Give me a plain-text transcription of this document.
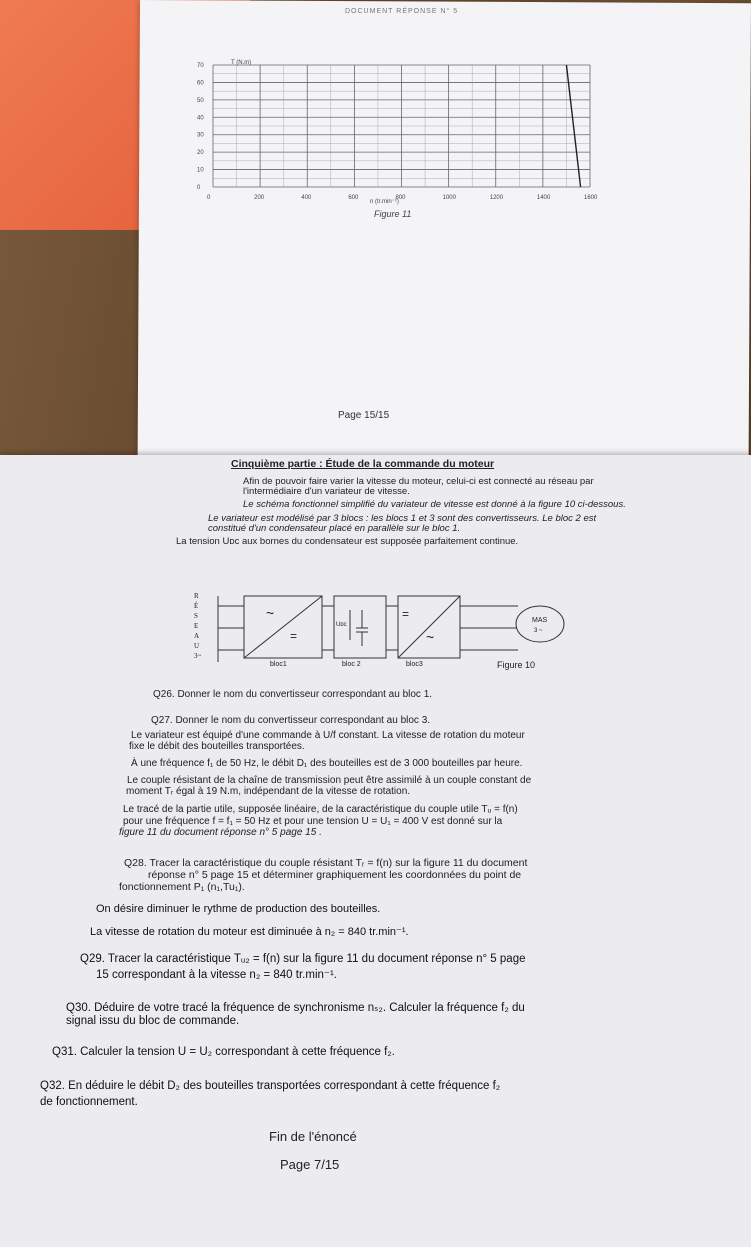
DOCUMENT RÉPONSE N° 5
0	200	400	600	800	1000	1200	1400	1600
0
10
20
30
40
50
60
70	T (N.m)
n (tr.min⁻¹)
Figure 11
Page 15/15
Cinquième partie : Étude de la commande du moteur
Afin de pouvoir faire varier la vitesse du moteur, celui-ci est connecté au réseau par
l'intermédiaire d'un variateur de vitesse.
Le schéma fonctionnel simplifié du variateur de vitesse est donné à la figure 10 ci-dessous.
Le variateur est modélisé par 3 blocs : les blocs 1 et 3 sont des convertisseurs. Le bloc 2 est
constitué d'un condensateur placé en parallèle sur le bloc 1.
La tension Uᴅᴄ aux bornes du condensateur est supposée parfaitement continue.
~
=
=
~
Uᴅᴄ
MAS
3 ~
bloc1	bloc 2	bloc3
R
É
S
E
A
U
3~
Figure 10
Q26. Donner le nom du convertisseur correspondant au bloc 1.
Q27. Donner le nom du convertisseur correspondant au bloc 3.
Le variateur est équipé d'une commande à U/f constant. La vitesse de rotation du moteur
fixe le débit des bouteilles transportées.
À une fréquence f₁ de 50 Hz, le débit D₁ des bouteilles est de 3 000 bouteilles par heure.
Le couple résistant de la chaîne de transmission peut être assimilé à un couple constant de
moment Tᵣ égal à 19 N.m, indépendant de la vitesse de rotation.
Le tracé de la partie utile, supposée linéaire, de la caractéristique du couple utile Tᵤ = f(n)
pour une fréquence f = f₁ = 50 Hz et pour une tension U = U₁ = 400 V est donné sur la
figure 11 du document réponse n° 5 page 15 .
Q28. Tracer la caractéristique du couple résistant Tᵣ = f(n) sur la figure 11 du document
réponse n° 5 page 15 et déterminer graphiquement les coordonnées du point de
fonctionnement P₁ (n₁,Tu₁).
On désire diminuer le rythme de production des bouteilles.
La vitesse de rotation du moteur est diminuée à n₂ = 840 tr.min⁻¹.
Q29. Tracer la caractéristique Tᵤ₂ = f(n) sur la figure 11 du document réponse n° 5 page
15 correspondant à la vitesse n₂ = 840 tr.min⁻¹.
Q30. Déduire de votre tracé la fréquence de synchronisme nₛ₂. Calculer la fréquence f₂ du
signal issu du bloc de commande.
Q31. Calculer la tension U = U₂ correspondant à cette fréquence f₂.
Q32. En déduire le débit D₂ des bouteilles transportées correspondant à cette fréquence f₂
de fonctionnement.
Fin de l'énoncé
Page 7/15
